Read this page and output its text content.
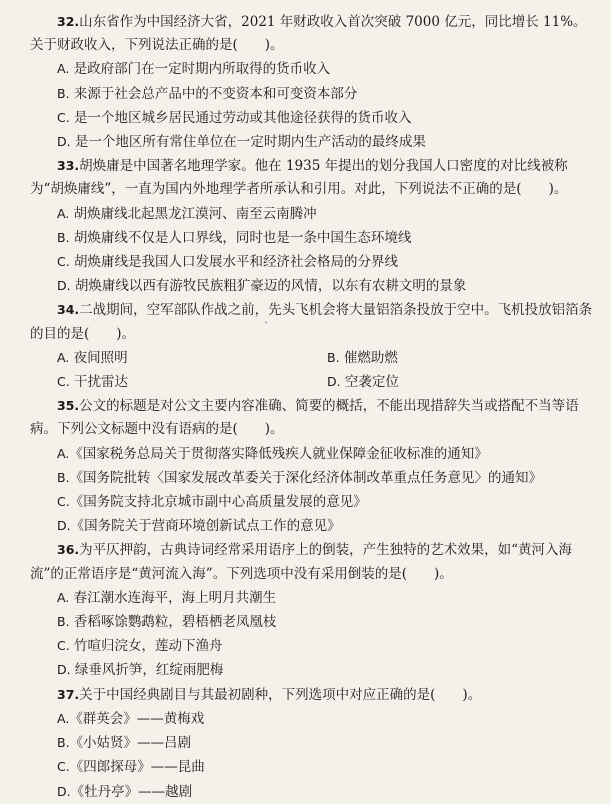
32.山东省作为中国经济大省，2021 年财政收入首次突破 7000 亿元，同比增长 11%。关于财政收入，下列说法正确的是(　　)。

A. 是政府部门在一定时期内所取得的货币收入

B. 来源于社会总产品中的不变资本和可变资本部分

C. 是一个地区城乡居民通过劳动或其他途径获得的货币收入

D. 是一个地区所有常住单位在一定时期内生产活动的最终成果

33.胡焕庸是中国著名地理学家。他在 1935 年提出的划分我国人口密度的对比线被称为“胡焕庸线”，一直为国内外地理学者所承认和引用。对此，下列说法不正确的是(　　)。

A. 胡焕庸线北起黑龙江漠河、南至云南腾冲

B. 胡焕庸线不仅是人口界线，同时也是一条中国生态环境线

C. 胡焕庸线是我国人口发展水平和经济社会格局的分界线

D. 胡焕庸线以西有游牧民族粗犷豪迈的风情，以东有农耕文明的景象

34.二战期间，空军部队作战之前，先头飞机会将大量铝箔条投放于空中。飞机投放铝箔条的目的是(　　)。

A. 夜间照明	B. 催燃助燃
C. 干扰雷达	D. 空袭定位

35.公文的标题是对公文主要内容准确、简要的概括，不能出现措辞失当或搭配不当等语病。下列公文标题中没有语病的是(　　)。

A.《国家税务总局关于贯彻落实降低残疾人就业保障金征收标准的通知》

B.《国务院批转〈国家发展改革委关于深化经济体制改革重点任务意见〉的通知》

C.《国务院支持北京城市副中心高质量发展的意见》

D.《国务院关于营商环境创新试点工作的意见》

36.为平仄押韵，古典诗词经常采用语序上的倒装，产生独特的艺术效果，如“黄河入海流”的正常语序是“黄河流入海”。下列选项中没有采用倒装的是(　　)。

A. 春江潮水连海平，海上明月共潮生

B. 香稻啄馀鹦鹉粒，碧梧栖老凤凰枝

C. 竹喧归浣女，莲动下渔舟

D. 绿垂风折笋，红绽雨肥梅

37.关于中国经典剧目与其最初剧种，下列选项中对应正确的是(　　)。

A.《群英会》——黄梅戏

B.《小姑贤》——吕剧

C.《四郎探母》——昆曲

D.《牡丹亭》——越剧

ˋ
